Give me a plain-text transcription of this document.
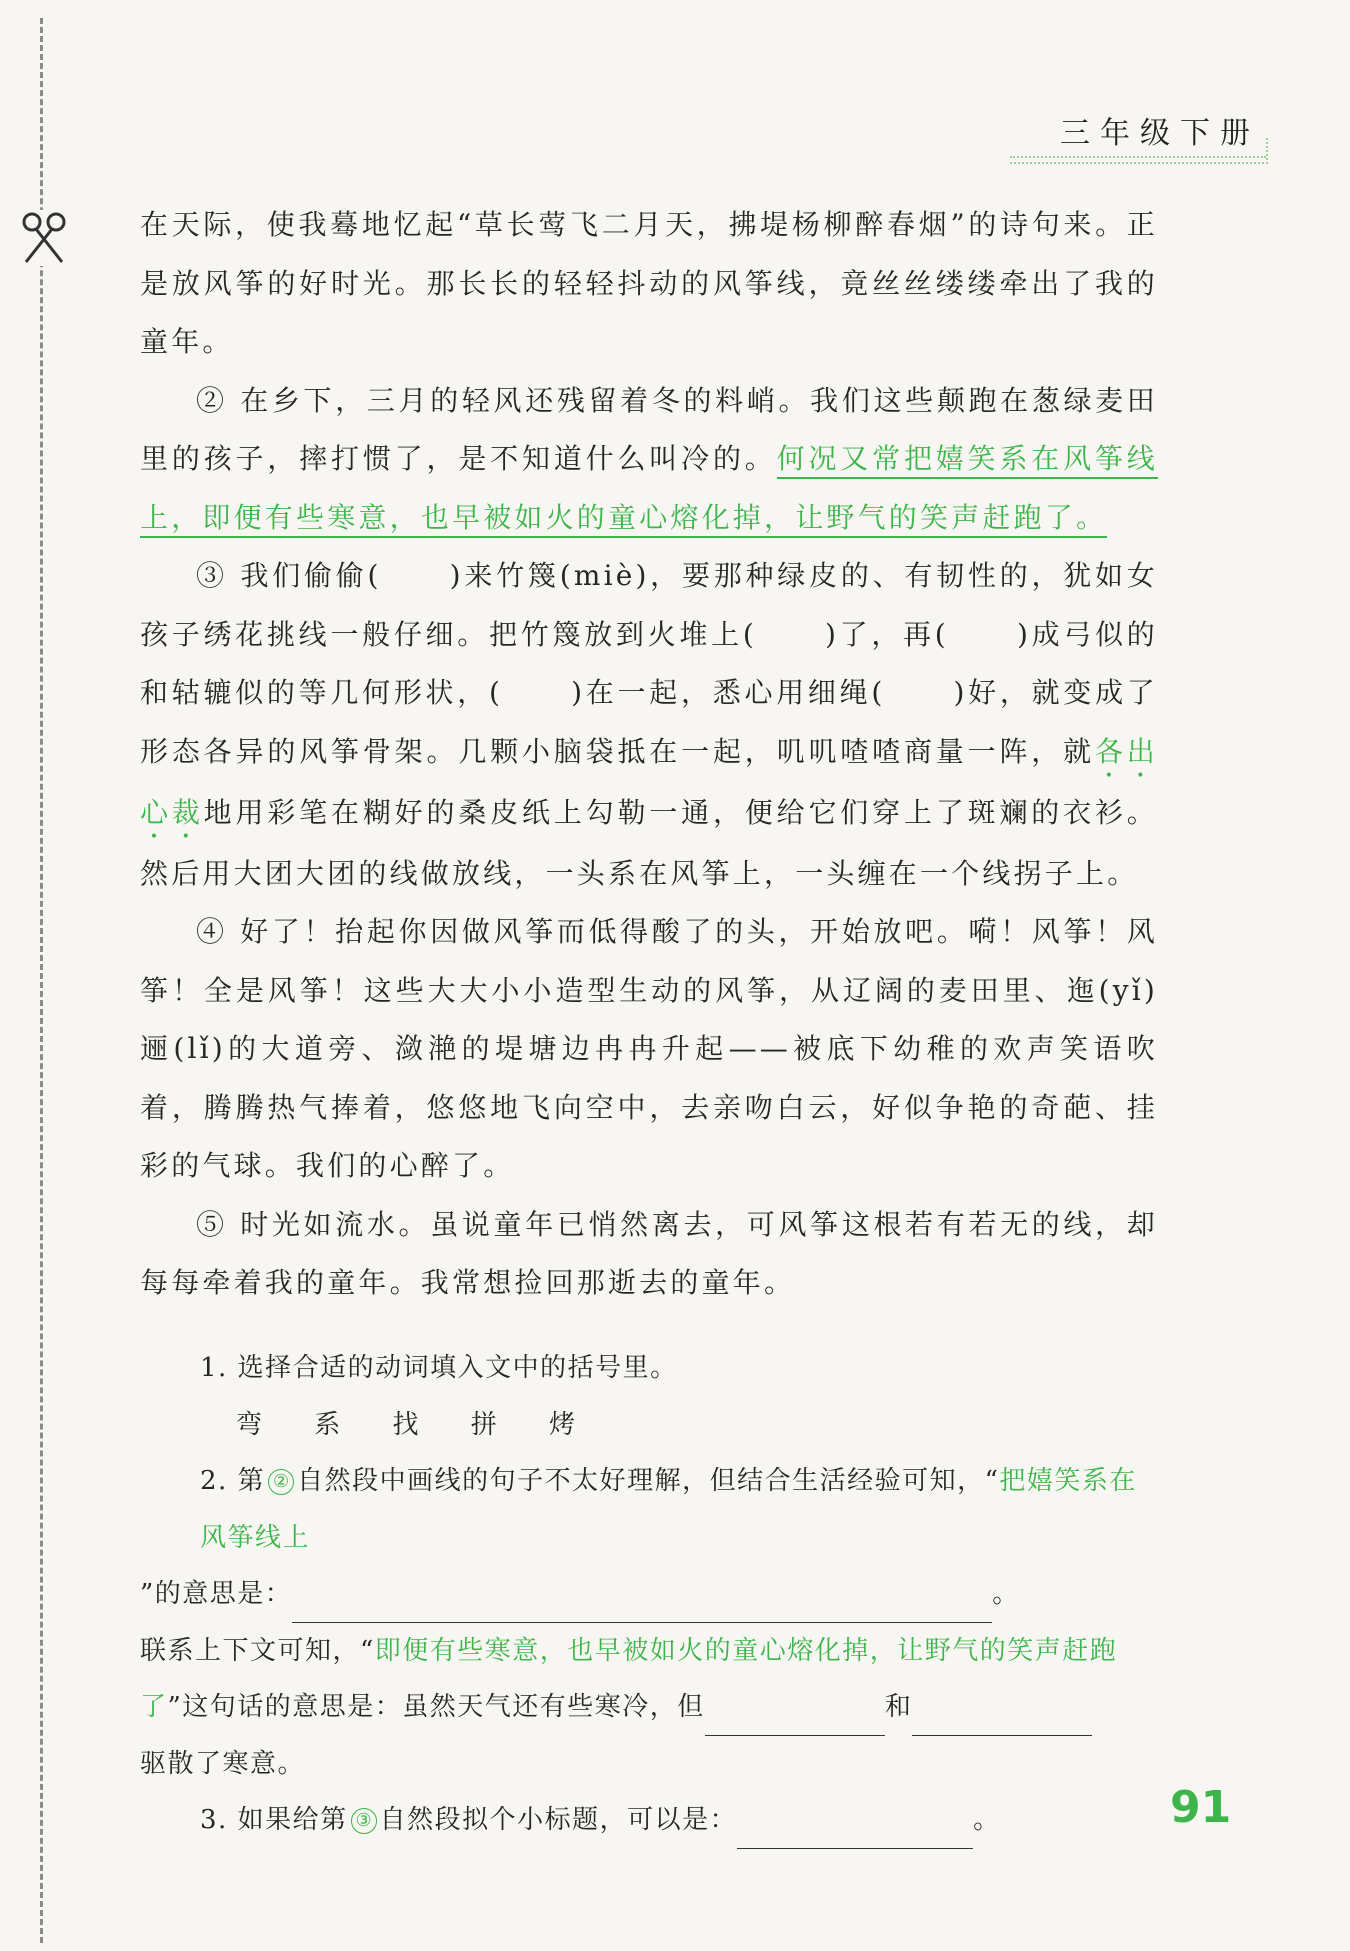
三年级下册

在天际，使我蓦地忆起“草长莺飞二月天，拂堤杨柳醉春烟”的诗句来。正是放风筝的好时光。那长长的轻轻抖动的风筝线，竟丝丝缕缕牵出了我的童年。

② 在乡下，三月的轻风还残留着冬的料峭。我们这些颠跑在葱绿麦田里的孩子，摔打惯了，是不知道什么叫冷的。何况又常把嬉笑系在风筝线上，即便有些寒意，也早被如火的童心熔化掉，让野气的笑声赶跑了。

③ 我们偷偷( )来竹篾(miè)，要那种绿皮的、有韧性的，犹如女孩子绣花挑线一般仔细。把竹篾放到火堆上( )了，再( )成弓似的和轱辘似的等几何形状，( )在一起，悉心用细绳( )好，就变成了形态各异的风筝骨架。几颗小脑袋抵在一起，叽叽喳喳商量一阵，就各出心裁地用彩笔在糊好的桑皮纸上勾勒一通，便给它们穿上了斑斓的衣衫。然后用大团大团的线做放线，一头系在风筝上，一头缠在一个线拐子上。

④ 好了！抬起你因做风筝而低得酸了的头，开始放吧。嗬！风筝！风筝！全是风筝！这些大大小小造型生动的风筝，从辽阔的麦田里、迤(yǐ)逦(lǐ)的大道旁、潋滟的堤塘边冉冉升起——被底下幼稚的欢声笑语吹着，腾腾热气捧着，悠悠地飞向空中，去亲吻白云，好似争艳的奇葩、挂彩的气球。我们的心醉了。

⑤ 时光如流水。虽说童年已悄然离去，可风筝这根若有若无的线，却每每牵着我的童年。我常想捡回那逝去的童年。

1. 选择合适的动词填入文中的括号里。

弯 系 找 拼 烤

2. 第 ② 自然段中画线的句子不太好理解，但结合生活经验可知，“把嬉笑系在风筝线上

”的意思是：	。

联系上下文可知，“即便有些寒意，也早被如火的童心熔化掉，让野气的笑声赶跑了”这句话的意思是：虽然天气还有些寒冷，但	和

驱散了寒意。

3. 如果给第 ③ 自然段拟个小标题，可以是：	。	91
